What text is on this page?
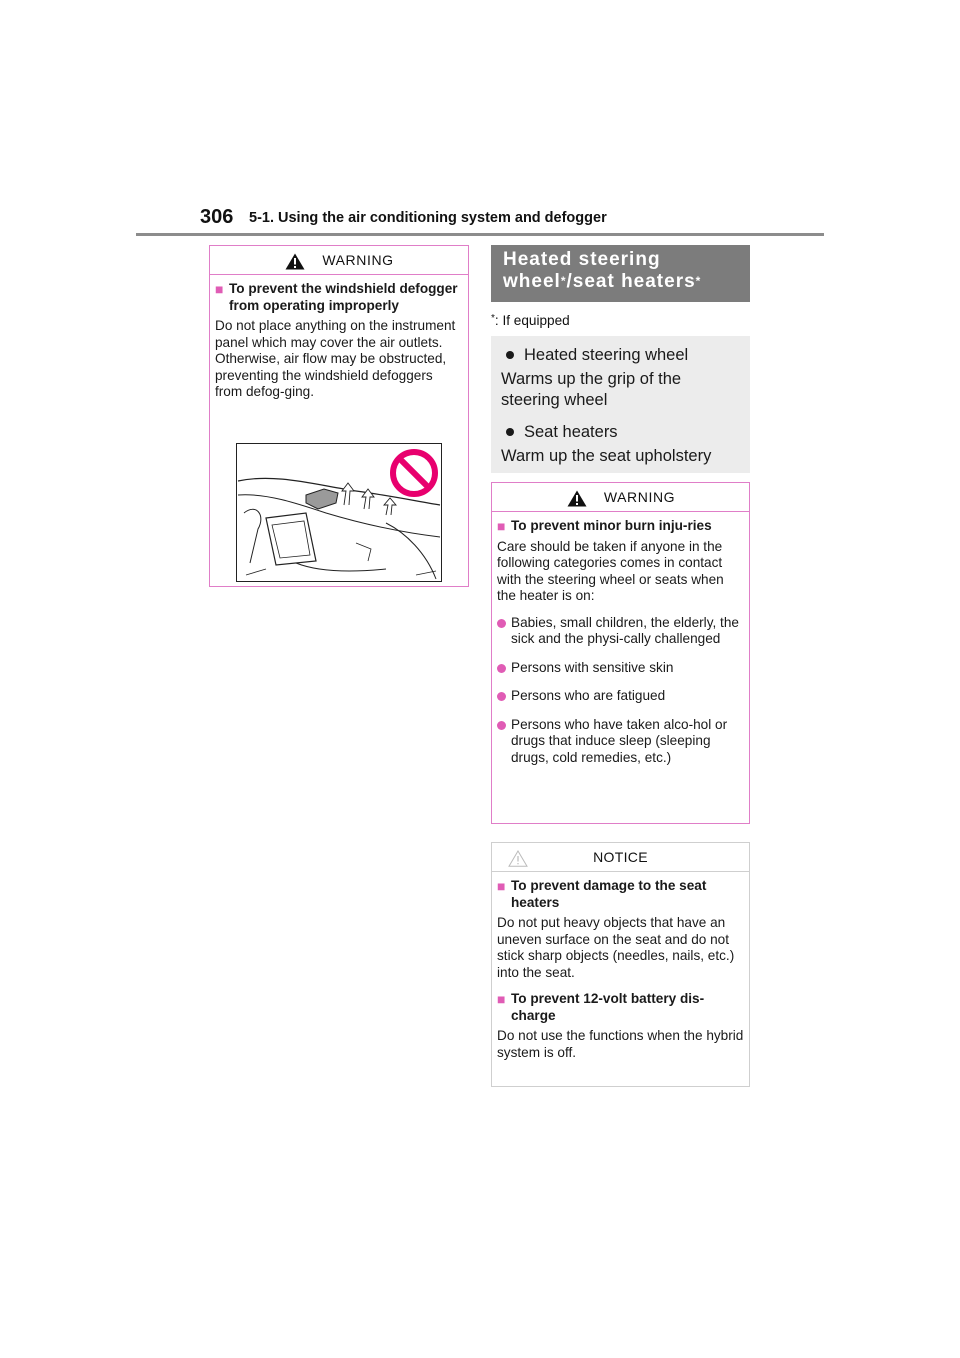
306 5-1. Using the air conditioning system and defogger
WARNING
■ To prevent the windshield defogger from operating improperly
Do not place anything on the instrument panel which may cover the air outlets. Otherwise, air flow may be obstructed, preventing the windshield defoggers from defog-ging.
Heated steering
wheel*/seat heaters*
*: If equipped
Heated steering wheel
Warms up the grip of the
steering wheel
Seat heaters
Warm up the seat upholstery
WARNING
■ To prevent minor burn inju-ries
Care should be taken if anyone in the following categories comes in contact with the steering wheel or seats when the heater is on:
Babies, small children, the elderly, the sick and the physi-cally challenged
Persons with sensitive skin
Persons who are fatigued
Persons who have taken alco-hol or drugs that induce sleep (sleeping drugs, cold remedies, etc.)
NOTICE
■ To prevent damage to the seat heaters
Do not put heavy objects that have an uneven surface on the seat and do not stick sharp objects (needles, nails, etc.) into the seat.
■ To prevent 12-volt battery dis-charge
Do not use the functions when the hybrid system is off.
